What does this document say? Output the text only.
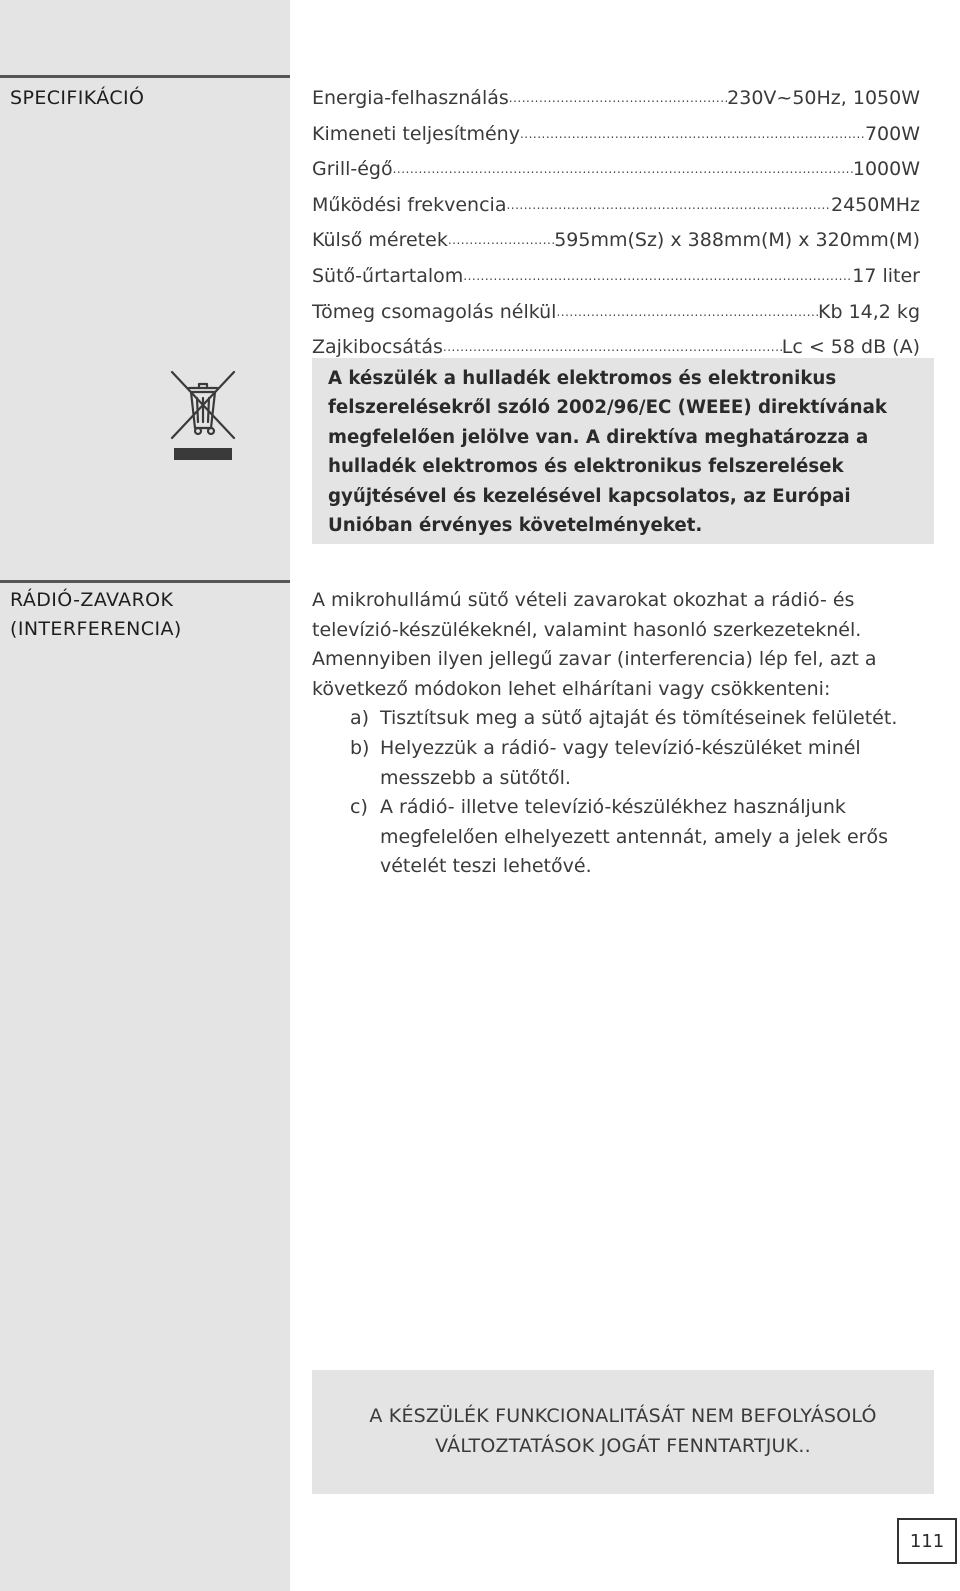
SPECIFIKÁCIÓ	Energia-felhasználás .....	230V~50Hz, 1050W
Kimeneti teljesítmény .....	700W
Grill-égő .....	1000W
Működési frekvencia .....	2450MHz
Külső méretek .....	595mm(Sz) x 388mm(M) x 320mm(M)
Sütő-űrtartalom .....	17 liter
Tömeg csomagolás nélkül .....	Kb 14,2 kg
Zajkibocsátás .....	Lc < 58 dB (A)

A készülék a hulladék elektromos és elektronikus felszerelésekről szóló 2002/96/EC (WEEE) direktívának megfelelően jelölve van. A direktíva meghatározza a hulladék elektromos és elektronikus felszerelések gyűjtésével és kezelésével kapcsolatos, az Európai Unióban érvényes követelményeket.

RÁDIÓ-ZAVAROK (INTERFERENCIA)

A mikrohullámú sütő vételi zavarokat okozhat a rádió- és televízió-készülékeknél, valamint hasonló szerkezeteknél. Amennyiben ilyen jellegű zavar (interferencia) lép fel, azt a következő módokon lehet elhárítani vagy csökkenteni:

a) Tisztítsuk meg a sütő ajtaját és tömítéseinek felületét.
b) Helyezzük a rádió- vagy televízió-készüléket minél messzebb a sütőtől.
c) A rádió- illetve televízió-készülékhez használjunk megfelelően elhelyezett antennát, amely a jelek erős vételét teszi lehetővé.

A KÉSZÜLÉK FUNKCIONALITÁSÁT NEM BEFOLYÁSOLÓ VÁLTOZTATÁSOK JOGÁT FENNTARTJUK..

111
